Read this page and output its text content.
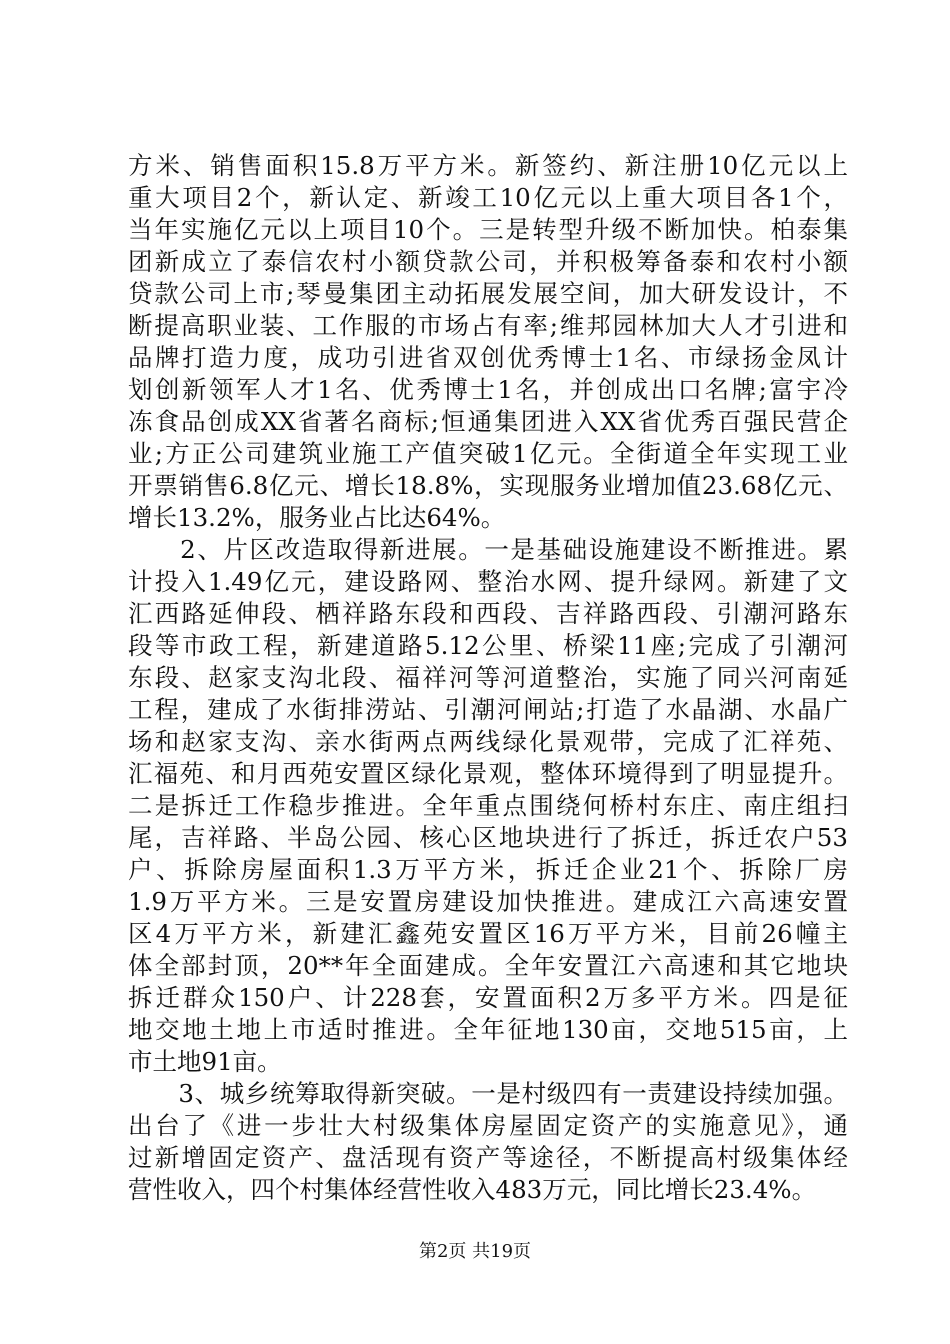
方米、销售面积15.8万平方米。新签约、新注册10亿元以上
重大项目2个，新认定、新竣工10亿元以上重大项目各1个，
当年实施亿元以上项目10个。三是转型升级不断加快。柏泰集
团新成立了泰信农村小额贷款公司，并积极筹备泰和农村小额
贷款公司上市;琴曼集团主动拓展发展空间，加大研发设计，不
断提高职业装、工作服的市场占有率;维邦园林加大人才引进和
品牌打造力度，成功引进省双创优秀博士1名、市绿扬金凤计
划创新领军人才1名、优秀博士1名，并创成出口名牌;富宇冷
冻食品创成XX省著名商标;恒通集团进入XX省优秀百强民营企
业;方正公司建筑业施工产值突破1亿元。全街道全年实现工业
开票销售6.8亿元、增长18.8%，实现服务业增加值23.68亿元、
增长13.2%，服务业占比达64%。
　　2、片区改造取得新进展。一是基础设施建设不断推进。累
计投入1.49亿元，建设路网、整治水网、提升绿网。新建了文
汇西路延伸段、栖祥路东段和西段、吉祥路西段、引潮河路东
段等市政工程，新建道路5.12公里、桥梁11座;完成了引潮河
东段、赵家支沟北段、福祥河等河道整治，实施了同兴河南延
工程，建成了水街排涝站、引潮河闸站;打造了水晶湖、水晶广
场和赵家支沟、亲水街两点两线绿化景观带，完成了汇祥苑、
汇福苑、和月西苑安置区绿化景观，整体环境得到了明显提升。
二是拆迁工作稳步推进。全年重点围绕何桥村东庄、南庄组扫
尾，吉祥路、半岛公园、核心区地块进行了拆迁，拆迁农户53
户、拆除房屋面积1.3万平方米，拆迁企业21个、拆除厂房
1.9万平方米。三是安置房建设加快推进。建成江六高速安置
区4万平方米，新建汇鑫苑安置区16万平方米，目前26幢主
体全部封顶，20**年全面建成。全年安置江六高速和其它地块
拆迁群众150户、计228套，安置面积2万多平方米。四是征
地交地土地上市适时推进。全年征地130亩，交地515亩，上
市土地91亩。
　　3、城乡统筹取得新突破。一是村级四有一责建设持续加强。
出台了《进一步壮大村级集体房屋固定资产的实施意见》，通
过新增固定资产、盘活现有资产等途径，不断提高村级集体经
营性收入，四个村集体经营性收入483万元，同比增长23.4%。
第2页 共19页
